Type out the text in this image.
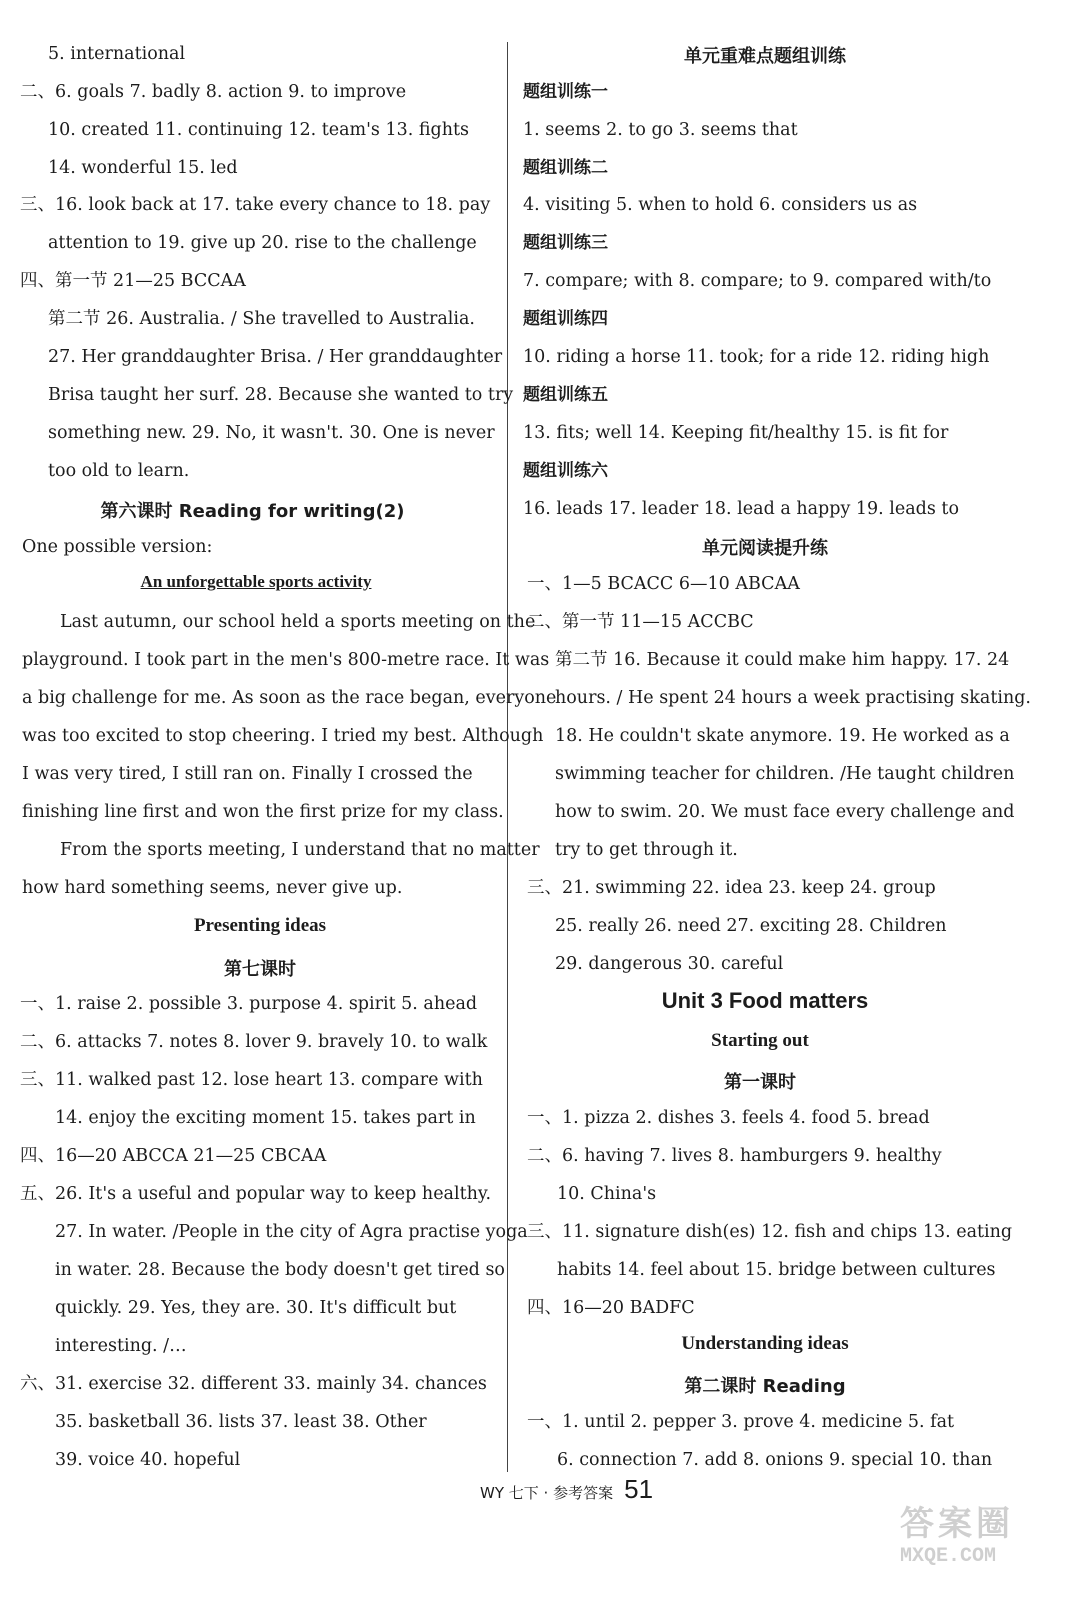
5. international
二、6. goals 7. badly 8. action 9. to improve
10. created 11. continuing 12. team's 13. fights
14. wonderful 15. led
三、16. look back at 17. take every chance to 18. pay
attention to 19. give up 20. rise to the challenge
四、第一节 21—25 BCCAA
第二节 26. Australia. / She travelled to Australia.
27. Her granddaughter Brisa. / Her granddaughter
Brisa taught her surf. 28. Because she wanted to try
something new. 29. No, it wasn't. 30. One is never
too old to learn.
第六课时 Reading for writing(2)
One possible version:
An unforgettable sports activity
Last autumn, our school held a sports meeting on the
playground. I took part in the men's 800-metre race. It was
a big challenge for me. As soon as the race began, everyone
was too excited to stop cheering. I tried my best. Although
I was very tired, I still ran on. Finally I crossed the
finishing line first and won the first prize for my class.
From the sports meeting, I understand that no matter
how hard something seems, never give up.
Presenting ideas
第七课时
一、1. raise 2. possible 3. purpose 4. spirit 5. ahead
二、6. attacks 7. notes 8. lover 9. bravely 10. to walk
三、11. walked past 12. lose heart 13. compare with
14. enjoy the exciting moment 15. takes part in
四、16—20 ABCCA 21—25 CBCAA
五、26. It's a useful and popular way to keep healthy.
27. In water. /People in the city of Agra practise yoga
in water. 28. Because the body doesn't get tired so
quickly. 29. Yes, they are. 30. It's difficult but
interesting. /…
六、31. exercise 32. different 33. mainly 34. chances
35. basketball 36. lists 37. least 38. Other
39. voice 40. hopeful
单元重难点题组训练
题组训练一
1. seems 2. to go 3. seems that
题组训练二
4. visiting 5. when to hold 6. considers us as
题组训练三
7. compare; with 8. compare; to 9. compared with/to
题组训练四
10. riding a horse 11. took; for a ride 12. riding high
题组训练五
13. fits; well 14. Keeping fit/healthy 15. is fit for
题组训练六
16. leads 17. leader 18. lead a happy 19. leads to
单元阅读提升练
一、1—5 BCACC 6—10 ABCAA
二、第一节 11—15 ACCBC
第二节 16. Because it could make him happy. 17. 24
hours. / He spent 24 hours a week practising skating.
18. He couldn't skate anymore. 19. He worked as a
swimming teacher for children. /He taught children
how to swim. 20. We must face every challenge and
try to get through it.
三、21. swimming 22. idea 23. keep 24. group
25. really 26. need 27. exciting 28. Children
29. dangerous 30. careful
Unit 3 Food matters
Starting out
第一课时
一、1. pizza 2. dishes 3. feels 4. food 5. bread
二、6. having 7. lives 8. hamburgers 9. healthy
10. China's
三、11. signature dish(es) 12. fish and chips 13. eating
habits 14. feel about 15. bridge between cultures
四、16—20 BADFC
Understanding ideas
第二课时 Reading
一、1. until 2. pepper 3. prove 4. medicine 5. fat
6. connection 7. add 8. onions 9. special 10. than
WY 七下 · 参考答案 51
答案圈
MXQE.COM
